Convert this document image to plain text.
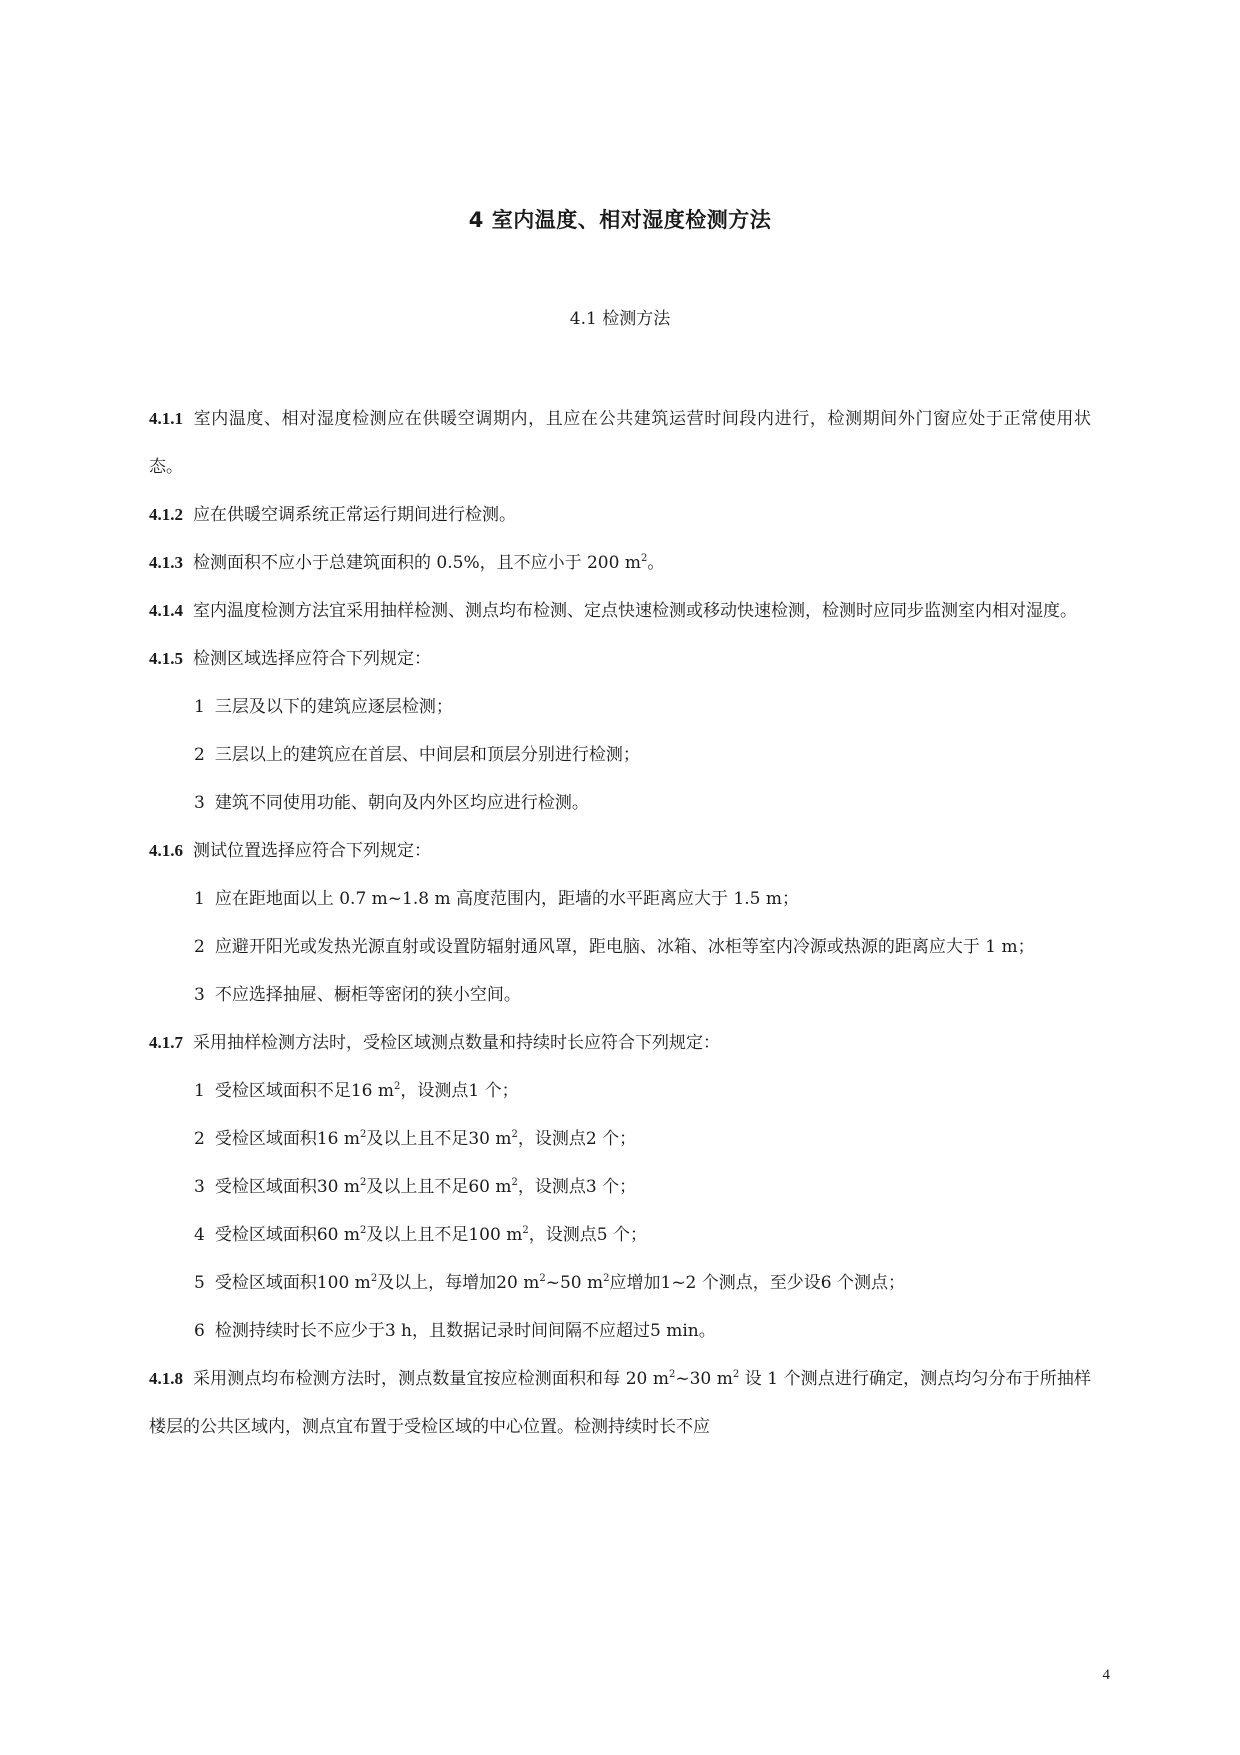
4 室内温度、相对湿度检测方法
4.1 检测方法

4.1.1 室内温度、相对湿度检测应在供暖空调期内，且应在公共建筑运营时间段内进行，检测期间外门窗应处于正常使用状态。

4.1.2 应在供暖空调系统正常运行期间进行检测。

4.1.3 检测面积不应小于总建筑面积的 0.5%，且不应小于 200 $m^2$。

4.1.4 室内温度检测方法宜采用抽样检测、测点均布检测、定点快速检测或移动快速检测，检测时应同步监测室内相对湿度。

4.1.5 检测区域选择应符合下列规定：

1 三层及以下的建筑应逐层检测；

2 三层以上的建筑应在首层、中间层和顶层分别进行检测；

3 建筑不同使用功能、朝向及内外区均应进行检测。

4.1.6 测试位置选择应符合下列规定：

1 应在距地面以上 0.7 m~1.8 m 高度范围内，距墙的水平距离应大于 1.5 m；

2 应避开阳光或发热光源直射或设置防辐射通风罩，距电脑、冰箱、冰柜等室内冷源或热源的距离应大于 1 m；

3 不应选择抽屉、橱柜等密闭的狭小空间。

4.1.7 采用抽样检测方法时，受检区域测点数量和持续时长应符合下列规定：

1 受检区域面积不足16 $m^2$，设测点1 个；

2 受检区域面积16 $m^2$及以上且不足30 $m^2$，设测点2 个；

3 受检区域面积30 $m^2$及以上且不足60 $m^2$，设测点3 个；

4 受检区域面积60 $m^2$及以上且不足100 $m^2$，设测点5 个；

5 受检区域面积100 $m^2$及以上，每增加20 $m^2\sim 50$ $m^2$应增加1~2 个测点，至少设6 个测点；

6 检测持续时长不应少于3 h，且数据记录时间间隔不应超过5 min。

4.1.8 采用测点均布检测方法时，测点数量宜按应检测面积和每 20 $m^2\sim 30$ $m^2$ 设 1 个测点进行确定，测点均匀分布于所抽样楼层的公共区域内，测点宜布置于受检区域的中心位置。检测持续时长不应

4
